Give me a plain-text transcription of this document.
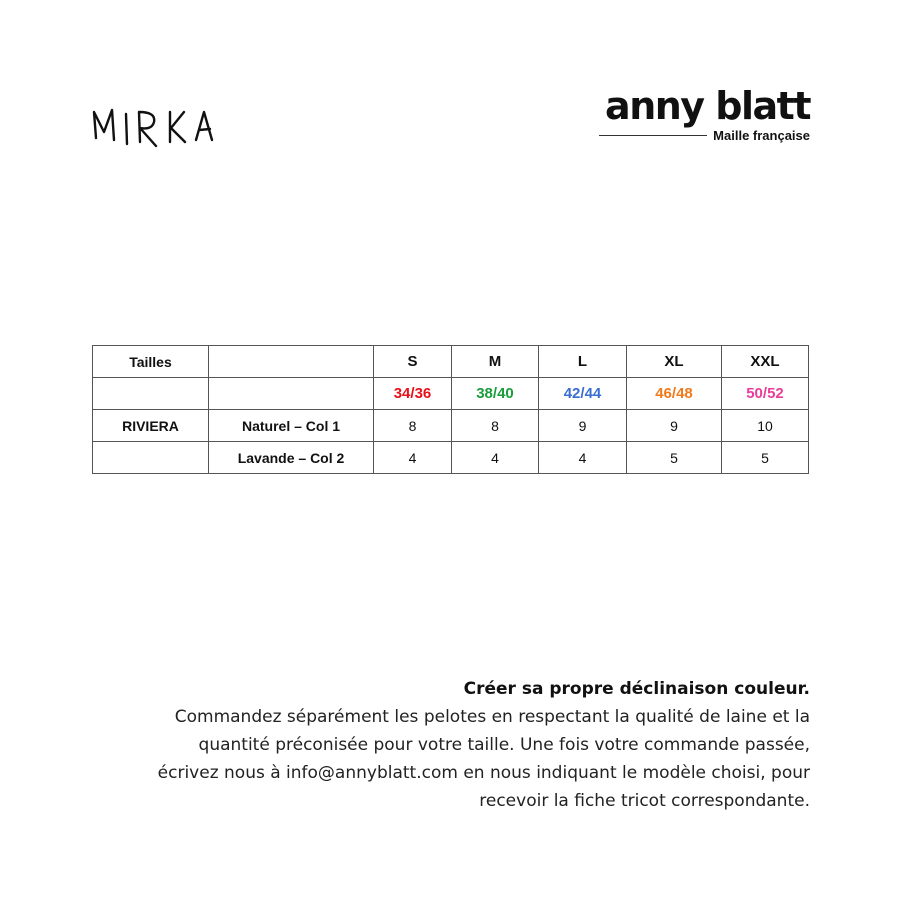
anny blatt
Maille française
Tailles		S	M	L	XL	XXL
		34/36	38/40	42/44	46/48	50/52
RIVIERA	Naturel – Col 1	8	8	9	9	10
	Lavande – Col 2	4	4	4	5	5
Créer sa propre déclinaison couleur.
Commandez séparément les pelotes en respectant la qualité de laine et la
quantité préconisée pour votre taille. Une fois votre commande passée,
écrivez nous à info@annyblatt.com en nous indiquant le modèle choisi, pour
recevoir la fiche tricot correspondante.
